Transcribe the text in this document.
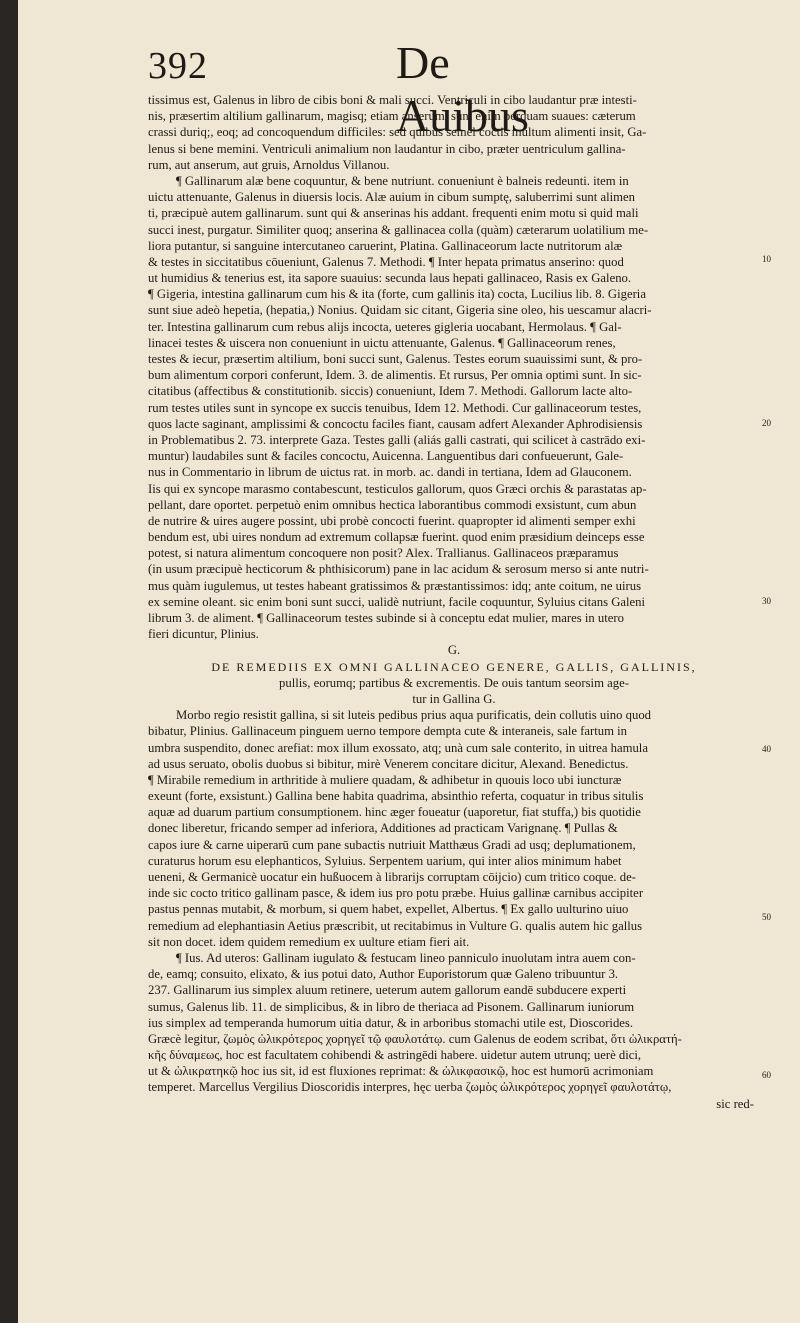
392	De Auibus
tissimus est, Galenus in libro de cibis boni & mali succi. Ventriculi in cibo laudantur præ intesti-
nis, præsertim altilium gallinarum, magisq; etiam anserum. sunt enim perquam suaues: cæterum
crassi duriq;, eoq; ad concoquendum difficiles: sed quibus semel coctis multum alimenti insit, Ga-
lenus si bene memini. Ventriculi animalium non laudantur in cibo, præter uentriculum gallina-
rum, aut anserum, aut gruis, Arnoldus Villanou.
¶ Gallinarum alæ bene coquuntur, & bene nutriunt. conueniunt è balneis redeunti. item in
uictu attenuante, Galenus in diuersis locis. Alæ auium in cibum sumptę, saluberrimi sunt alimen
ti, præcipuè autem gallinarum. sunt qui & anserinas his addant. frequenti enim motu si quid mali
succi inest, purgatur. Similiter quoq; anserina & gallinacea colla (quàm) cæterarum uolatilium me-
liora putantur, si sanguine intercutaneo caruerint, Platina. Gallinaceorum lacte nutritorum alæ
& testes in siccitatibus cōueniunt, Galenus 7. Methodi. ¶ Inter hepata primatus anserino: quod
ut humidius & tenerius est, ita sapore suauius: secunda laus hepati gallinaceo, Rasis ex Galeno.
¶ Gigeria, intestina gallinarum cum his & ita (forte, cum gallinis ita) cocta, Lucilius lib. 8. Gigeria
sunt siue adeò hepetia, (hepatia,) Nonius. Quidam sic citant, Gigeria sine oleo, his uescamur alacri-
ter. Intestina gallinarum cum rebus alijs incocta, ueteres gigleria uocabant, Hermolaus. ¶ Gal-
linacei testes & uiscera non conueniunt in uictu attenuante, Galenus. ¶ Gallinaceorum renes,
testes & iecur, præsertim altilium, boni succi sunt, Galenus. Testes eorum suauissimi sunt, & pro-
bum alimentum corpori conferunt, Idem. 3. de alimentis. Et rursus, Per omnia optimi sunt. In sic-
citatibus (affectibus & constitutionib. siccis) conueniunt, Idem 7. Methodi. Gallorum lacte alto-
rum testes utiles sunt in syncope ex succis tenuibus, Idem 12. Methodi. Cur gallinaceorum testes,
quos lacte saginant, amplissimi & concoctu faciles fiant, causam adfert Alexander Aphrodisiensis
in Problematibus 2. 73. interprete Gaza. Testes galli (aliás galli castrati, qui scilicet à castrādo exi-
muntur) laudabiles sunt & faciles concoctu, Auicenna. Languentibus dari confueuerunt, Gale-
nus in Commentario in librum de uictus rat. in morb. ac. dandi in tertiana, Idem ad Glauconem.
Iis qui ex syncope marasmo contabescunt, testiculos gallorum, quos Græci orchis & parastatas ap-
pellant, dare oportet. perpetuò enim omnibus hectica laborantibus commodi exsistunt, cum abun
de nutrire & uires augere possint, ubi probè concocti fuerint. quapropter id alimenti semper exhi
bendum est, ubi uires nondum ad extremum collapsæ fuerint. quod enim præsidium deinceps esse
potest, si natura alimentum concoquere non posit? Alex. Trallianus. Gallinaceos præparamus
(in usum præcipuè hecticorum & phthisicorum) pane in lac acidum & serosum merso si ante nutri-
mus quàm iugulemus, ut testes habeant gratissimos & præstantissimos: idq; ante coitum, ne uirus
ex semine oleant. sic enim boni sunt succi, ualidè nutriunt, facile coquuntur, Syluius citans Galeni
librum 3. de aliment. ¶ Gallinaceorum testes subinde si à conceptu edat mulier, mares in utero
fieri dicuntur, Plinius.
G.
DE REMEDIIS EX OMNI GALLINACEO GENERE, GALLIS, GALLINIS,
pullis, eorumq; partibus & excrementis. De ouis tantum seorsim age-
tur in Gallina G.
Morbo regio resistit gallina, si sit luteis pedibus prius aqua purificatis, dein collutis uino quod
bibatur, Plinius. Gallinaceum pinguem uerno tempore dempta cute & interaneis, sale fartum in
umbra suspendito, donec arefiat: mox illum exossato, atq; unà cum sale conterito, in uitrea hamula
ad usus seruato, obolis duobus si bibitur, mirè Venerem concitare dicitur, Alexand. Benedictus.
¶ Mirabile remedium in arthritide à muliere quadam, & adhibetur in quouis loco ubi iuncturæ
exeunt (forte, exsistunt.) Gallina bene habita quadrima, absinthio referta, coquatur in tribus situlis
aquæ ad duarum partium consumptionem. hinc æger foueatur (uaporetur, fiat stuffa,) bis quotidie
donec liberetur, fricando semper ad inferiora, Additiones ad practicam Varignanę. ¶ Pullas &
capos iure & carne uiperarū cum pane subactis nutriuit Matthæus Gradi ad usq; deplumationem,
curaturus horum esu elephanticos, Syluius. Serpentem uarium, qui inter alios minimum habet
ueneni, & Germanicè uocatur ein hußuocem à librarijs corruptam cōijcio) cum tritico coque. de-
inde sic cocto tritico gallinam pasce, & idem ius pro potu præbe. Huius gallinæ carnibus accipiter
pastus pennas mutabit, & morbum, si quem habet, expellet, Albertus. ¶ Ex gallo uulturino uiuo
remedium ad elephantiasin Aetius præscribit, ut recitabimus in Vulture G. qualis autem hic gallus
sit non docet. idem quidem remedium ex uulture etiam fieri ait.
¶ Ius. Ad uteros: Gallinam iugulato & festucam lineo panniculo inuolutam intra auem con-
de, eamq; consuito, elixato, & ius potui dato, Author Euporistorum quæ Galeno tribuuntur 3.
237. Gallinarum ius simplex aluum retinere, ueterum autem gallorum eandē subducere experti
sumus, Galenus lib. 11. de simplicibus, & in libro de theriaca ad Pisonem. Gallinarum iuniorum
ius simplex ad temperanda humorum uitia datur, & in arboribus stomachi utile est, Dioscorides.
Græcè legitur, ζωμὸς ὠλικρότερος χορηγεῖ τῷ φαυλοτάτῳ. cum Galenus de eodem scribat, ὅτι ὠλικρατή-
κῆς δύναμεως, hoc est facultatem cohibendi & astringēdi habere. uidetur autem utrunq; uerè dici,
ut & ὠλικρατηκῷ hoc ius sit, id est fluxiones reprimat: & ὠλικφασικῷ, hoc est humorū acrimoniam
temperet. Marcellus Vergilius Dioscoridis interpres, hęc uerba ζωμὸς ὠλικρότερος χορηγεῖ φαυλοτάτῳ,
sic red-
10
20
30
40
50
60
